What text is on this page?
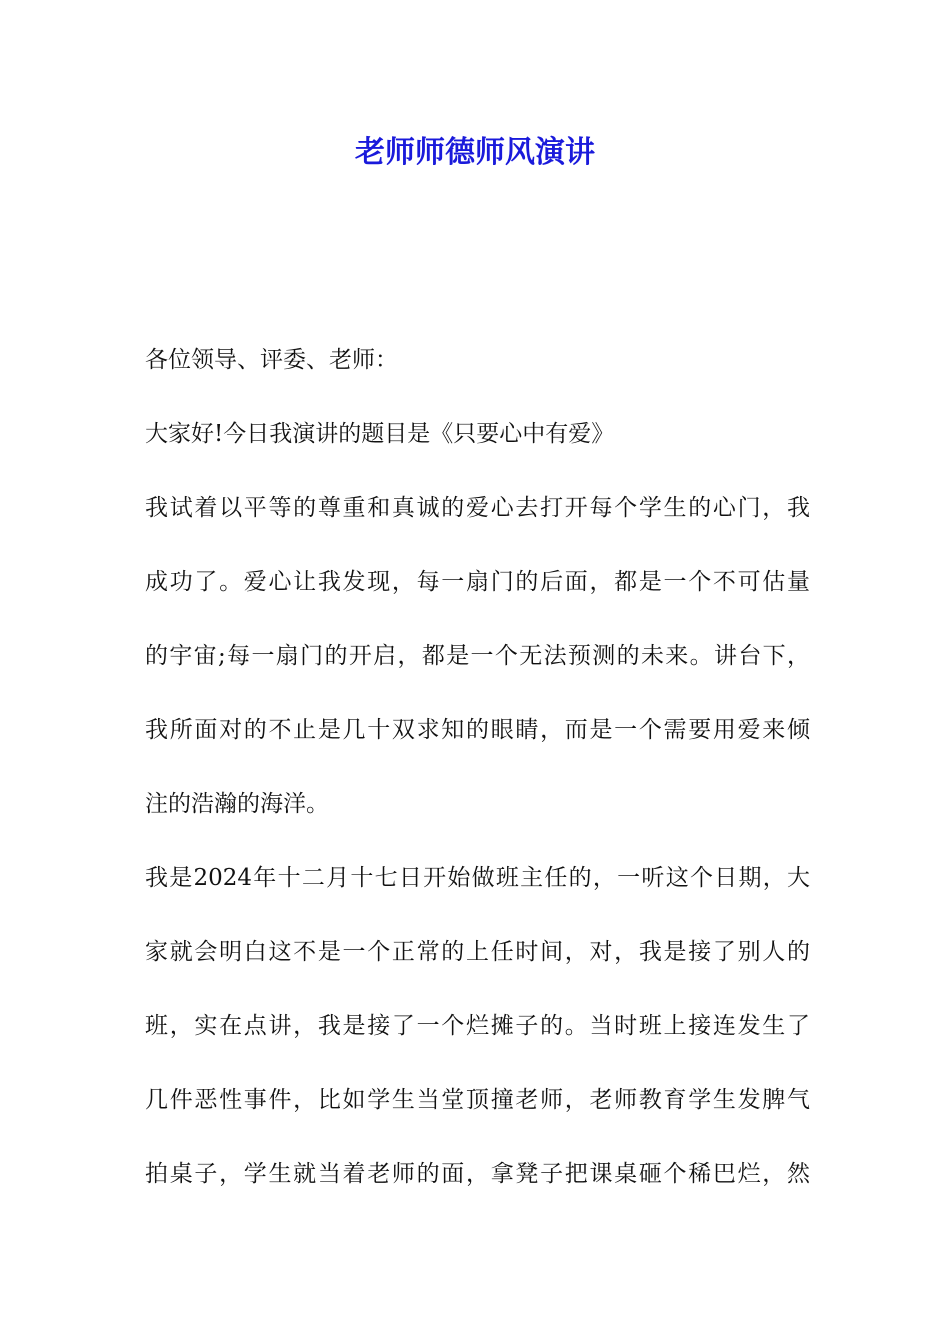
老师师德师风演讲
各位领导、评委、老师：
大家好!今日我演讲的题目是《只要心中有爱》
我试着以平等的尊重和真诚的爱心去打开每个学生的心门，我
成功了。爱心让我发现，每一扇门的后面，都是一个不可估量
的宇宙;每一扇门的开启，都是一个无法预测的未来。讲台下，
我所面对的不止是几十双求知的眼睛，而是一个需要用爱来倾
注的浩瀚的海洋。
我是2024年十二月十七日开始做班主任的，一听这个日期，大
家就会明白这不是一个正常的上任时间，对，我是接了别人的
班，实在点讲，我是接了一个烂摊子的。当时班上接连发生了
几件恶性事件，比如学生当堂顶撞老师，老师教育学生发脾气
拍桌子，学生就当着老师的面，拿凳子把课桌砸个稀巴烂，然
